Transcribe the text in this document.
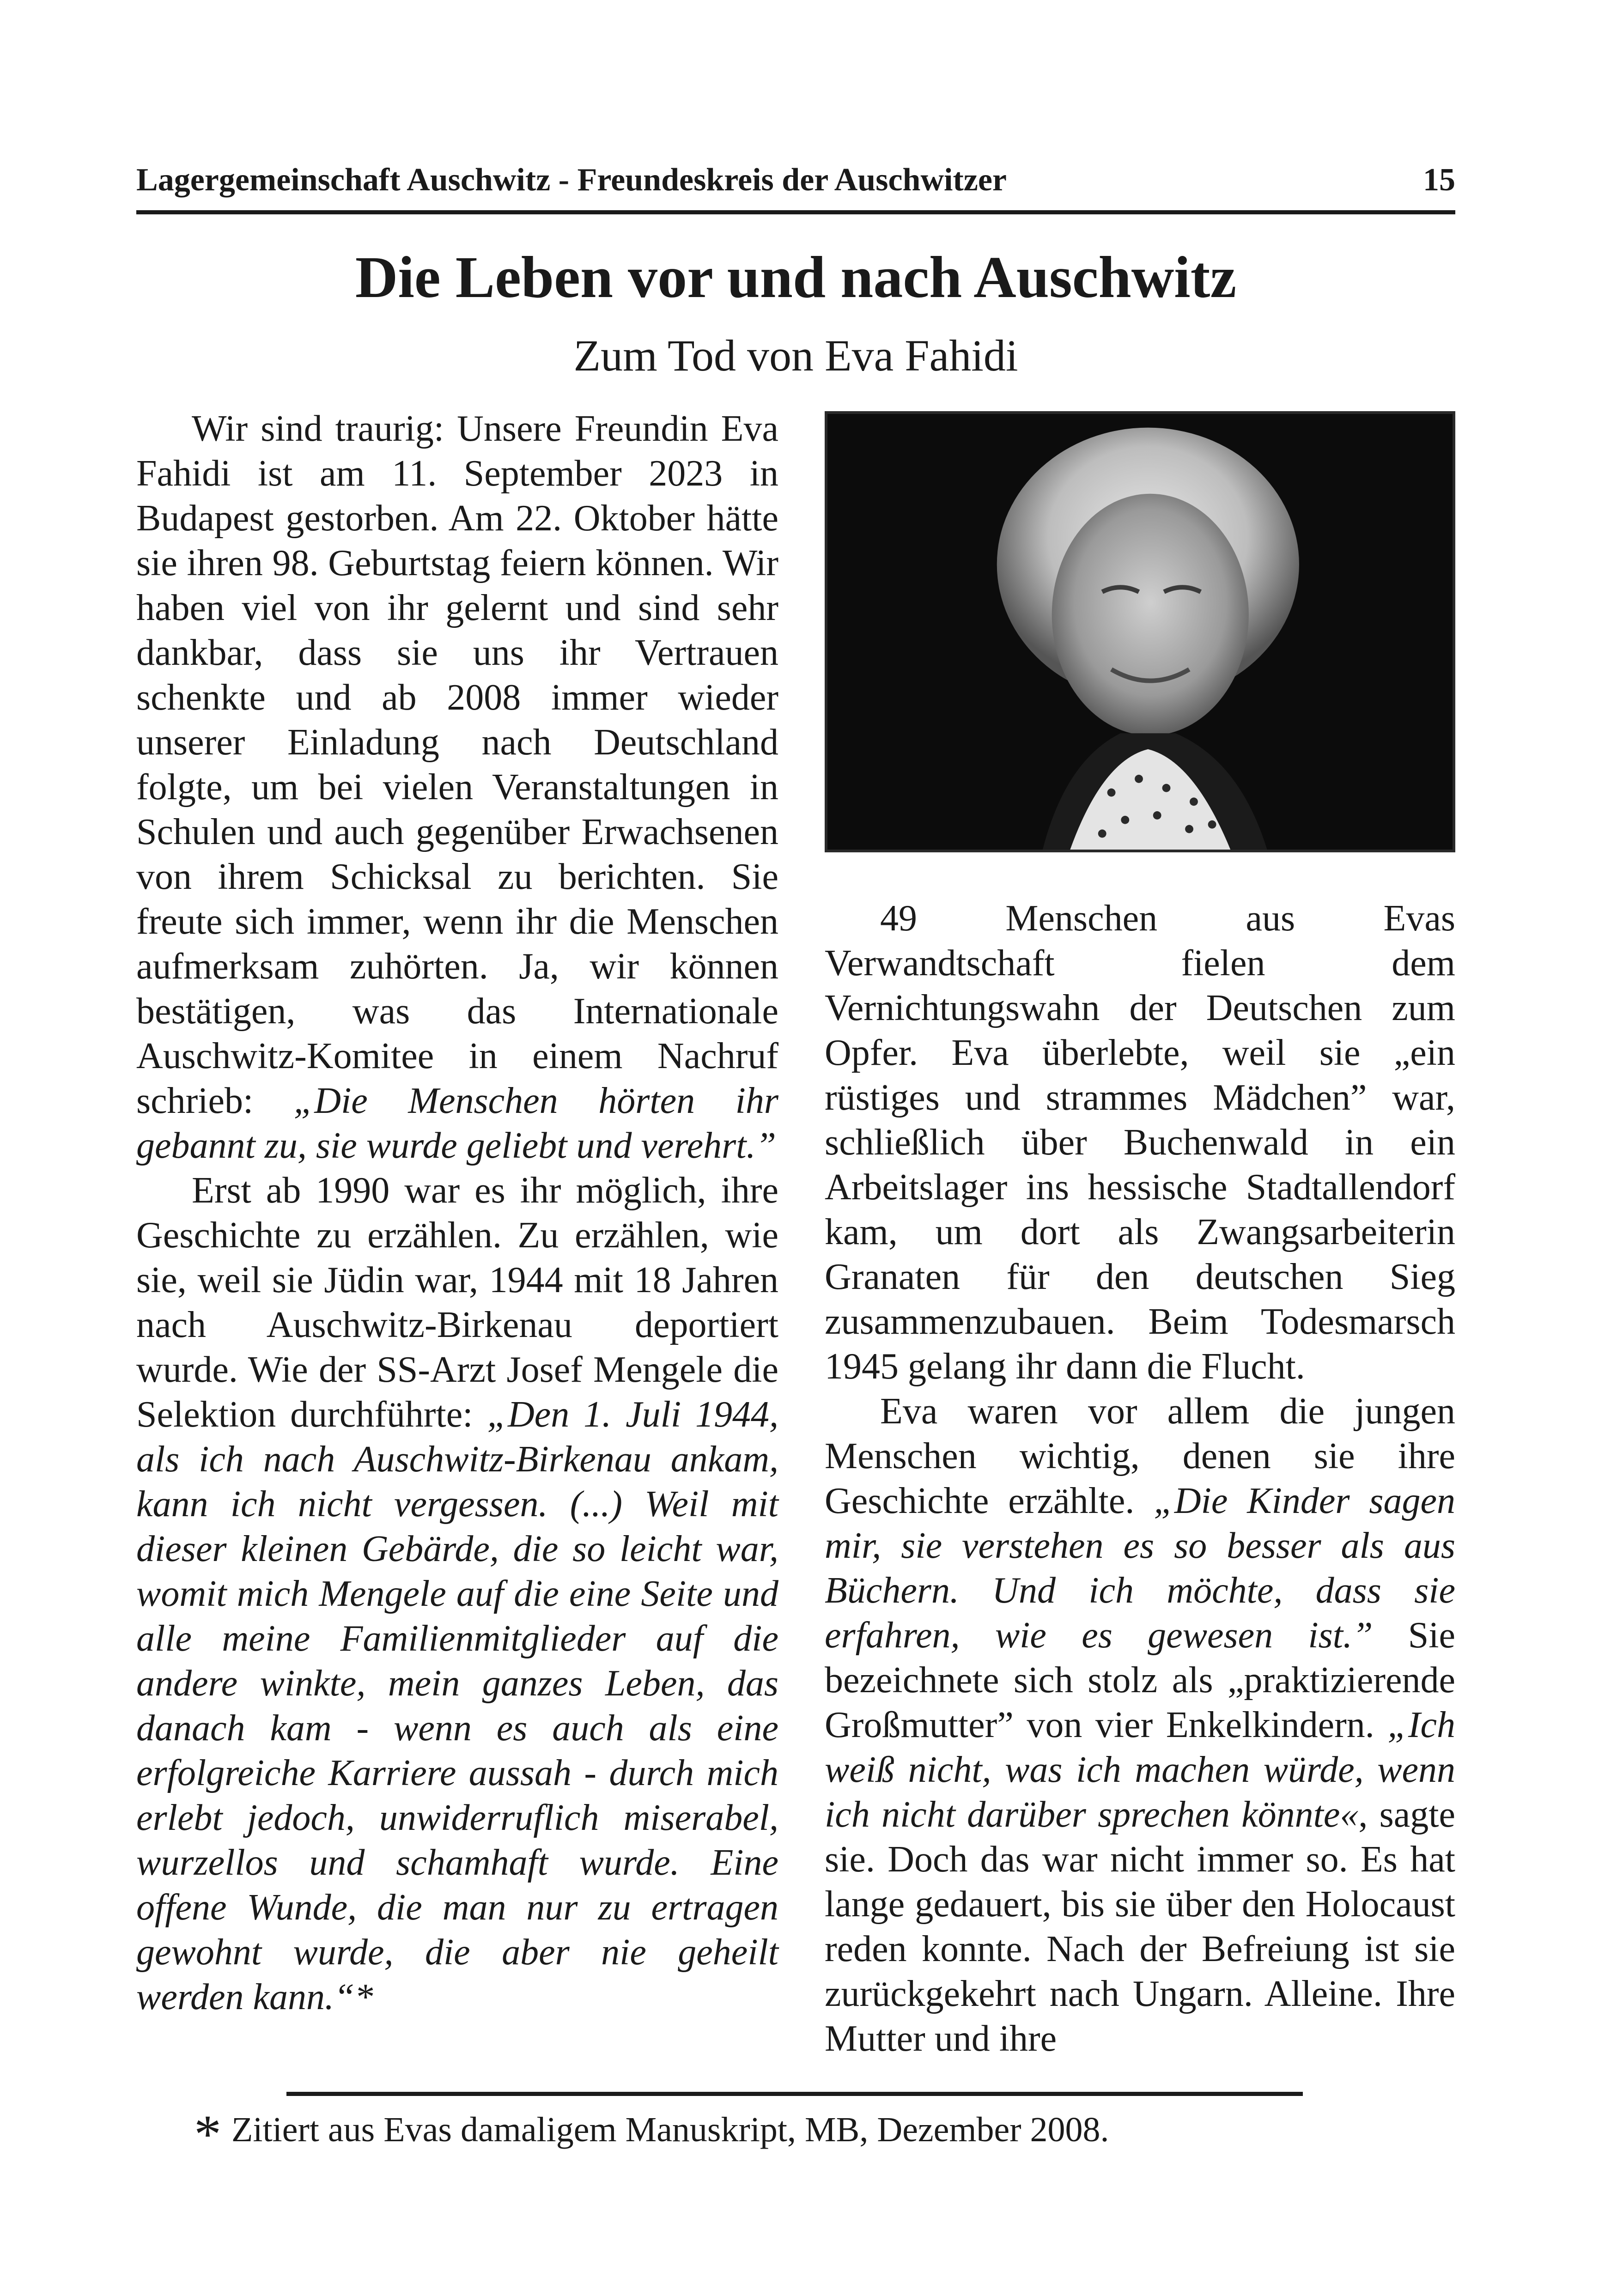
Lagergemeinschaft Auschwitz - Freundeskreis der Auschwitzer	15
Die Leben vor und nach Auschwitz
Zum Tod von Eva Fahidi

Wir sind traurig: Unsere Freundin Eva Fahidi ist am 11. September 2023 in Budapest gestorben. Am 22. Oktober hätte sie ihren 98. Geburtstag feiern können. Wir haben viel von ihr gelernt und sind sehr dankbar, dass sie uns ihr Vertrauen schenkte und ab 2008 immer wieder unserer Einladung nach Deutschland folgte, um bei vielen Veranstaltungen in Schulen und auch gegenüber Erwachsenen von ihrem Schicksal zu berichten. Sie freute sich immer, wenn ihr die Menschen aufmerksam zuhörten. Ja, wir können bestätigen, was das Internationale Auschwitz-Komitee in einem Nachruf schrieb: „Die Menschen hörten ihr gebannt zu, sie wurde geliebt und verehrt.”

Erst ab 1990 war es ihr möglich, ihre Geschichte zu erzählen. Zu erzählen, wie sie, weil sie Jüdin war, 1944 mit 18 Jahren nach Auschwitz-Birkenau deportiert wurde. Wie der SS-Arzt Josef Mengele die Selektion durchführte: „Den 1. Juli 1944, als ich nach Auschwitz-Birkenau ankam, kann ich nicht vergessen. (...) Weil mit dieser kleinen Gebärde, die so leicht war, womit mich Mengele auf die eine Seite und alle meine Familienmitglieder auf die andere winkte, mein ganzes Leben, das danach kam - wenn es auch als eine erfolgreiche Karriere aussah - durch mich erlebt jedoch, unwiderruflich miserabel, wurzellos und schamhaft wurde. Eine offene Wunde, die man nur zu ertragen gewohnt wurde, die aber nie geheilt werden kann.“*

49 Menschen aus Evas Verwandtschaft fielen dem Vernichtungswahn der Deutschen zum Opfer. Eva überlebte, weil sie „ein rüstiges und strammes Mädchen” war, schließlich über Buchenwald in ein Arbeitslager ins hessische Stadtallendorf kam, um dort als Zwangsarbeiterin Granaten für den deutschen Sieg zusammenzubauen. Beim Todesmarsch 1945 gelang ihr dann die Flucht.

Eva waren vor allem die jungen Menschen wichtig, denen sie ihre Geschichte erzählte. „Die Kinder sagen mir, sie verstehen es so besser als aus Büchern. Und ich möchte, dass sie erfahren, wie es gewesen ist.” Sie bezeichnete sich stolz als „praktizierende Großmutter” von vier Enkelkindern. „Ich weiß nicht, was ich machen würde, wenn ich nicht darüber sprechen könnte«, sagte sie. Doch das war nicht immer so. Es hat lange gedauert, bis sie über den Holocaust reden konnte. Nach der Befreiung ist sie zurückgekehrt nach Ungarn. Alleine. Ihre Mutter und ihre

* Zitiert aus Evas damaligem Manuskript, MB, Dezember 2008.
